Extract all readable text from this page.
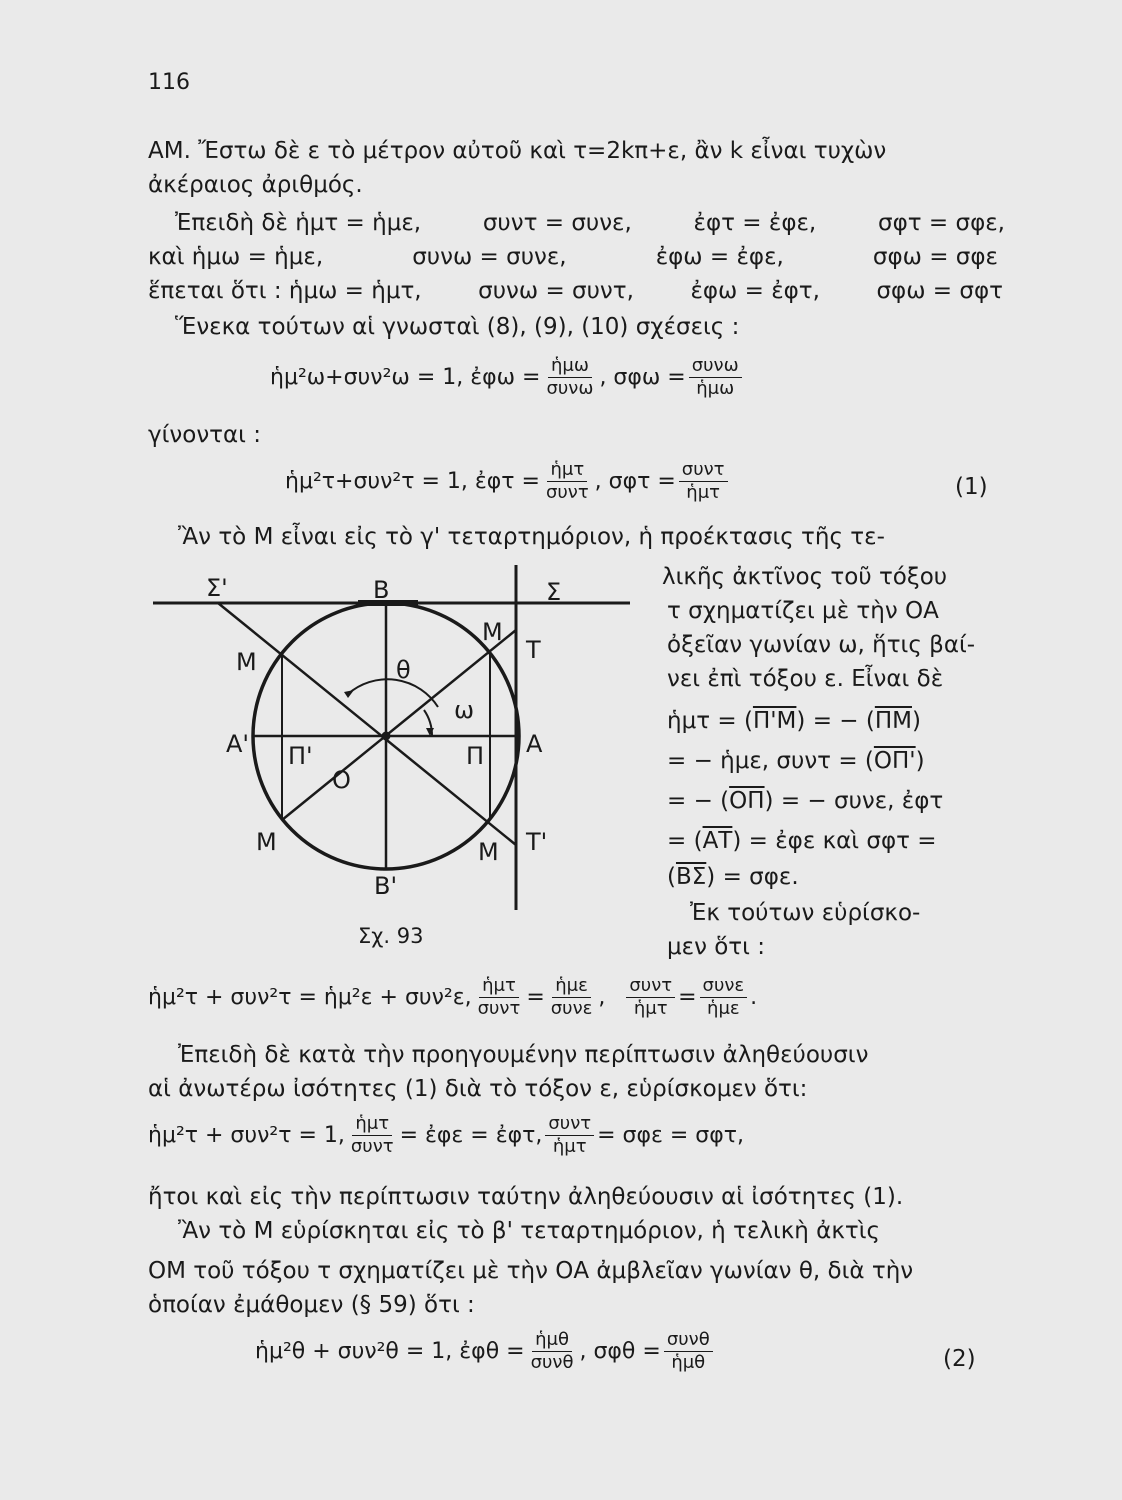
116
ΑΜ. Ἔστω δὲ ε τὸ μέτρον αὐτοῦ καὶ τ=2kπ+ε, ἂν k εἶναι τυχὼν
ἀκέραιος ἀριθμός.
Ἐπειδὴ δὲ ἡμτ = ἡμε,	συντ = συνε,	ἐφτ = ἐφε,	σφτ = σφε,
καὶ ἡμω = ἡμε,	συνω = συνε,	ἐφω = ἐφε,	σφω = σφε
ἕπεται ὅτι : ἡμω = ἡμτ, συνω = συντ, ἐφω = ἐφτ, σφω = σφτ
Ἕνεκα τούτων αἱ γνωσταὶ (8), (9), (10) σχέσεις :
ἡμ²ω+συν²ω = 1, ἐφω = $\frac{\text{ἡμω}}{\text{συνω}}$ , $\sigma\varphi\omega = \frac{\text{συνω}}{\text{ἡμω}}$
γίνονται :
ἡμ²τ+συν²τ = 1, ἐφτ = $\frac{\text{ἡμτ}}{\text{συντ}}$ , $\sigma\varphi\tau = \frac{\text{συντ}}{\text{ἡμτ}}$	(1)
Ἂν τὸ Μ εἶναι εἰς τὸ γ' τεταρτημόριον, ἡ προέκτασις τῆς τε-
λικῆς ἀκτῖνος τοῦ τόξου
τ σχηματίζει μὲ τὴν ΟΑ
ὀξεῖαν γωνίαν ω, ἥτις βαί-
νει ἐπὶ τόξου ε. Εἶναι δὲ
ἡμτ = (Π'Μ) = − $(\overline{\Pi M})$
= − ἡμε, συντ = (ΟΠ')
= − $(\overline{O\Pi})$ = − συνε, ἐφτ
= $(\overline{AT})$ = ἐφε καὶ σφτ =
$(\overline{B\Sigma}) = \sigma\varphi\varepsilon$.
Ἐκ τούτων εὑρίσκο-
μεν ὅτι :
Σ'	Β	Σ
Μ
Τ
Μ	θ
ω
Α' Π'	Π Α
Ο
Μ	Μ Τ'
Β'
Σχ. 93
ἡμ²τ + συν²τ = ἡμ²ε + συν²ε, $\frac{\text{ἡμτ}}{\text{συντ}} = \frac{\text{ἡμε}}{\text{συνε}}$ , $\frac{\text{συντ}}{\text{ἡμτ}} = \frac{\text{συνε}}{\text{ἡμε}}$ .
Ἐπειδὴ δὲ κατὰ τὴν προηγουμένην περίπτωσιν ἀληθεύουσιν
αἱ ἀνωτέρω ἰσότητες (1) διὰ τὸ τόξον ε, εὑρίσκομεν ὅτι:
ἡμ²τ + συν²τ = 1, $\frac{\text{ἡμτ}}{\text{συντ}}$ = ἐφε = ἐφτ, $\frac{\text{συντ}}{\text{ἡμτ}} = \sigma\varphi\varepsilon = \sigma\varphi\tau$,
ἤτοι καὶ εἰς τὴν περίπτωσιν ταύτην ἀληθεύουσιν αἱ ἰσότητες (1).
Ἂν τὸ Μ εὑρίσκηται εἰς τὸ β' τεταρτημόριον, ἡ τελικὴ ἀκτὶς
ΟΜ τοῦ τόξου τ σχηματίζει μὲ τὴν ΟΑ ἀμβλεῖαν γωνίαν θ, διὰ τὴν
ὁποίαν ἐμάθομεν (§ 59) ὅτι :
ἡμ²θ + συν²θ = 1, ἐφθ = $\frac{\text{ἡμθ}}{\text{συνθ}}$ , $\sigma\varphi\theta = \frac{\text{συνθ}}{\text{ἡμθ}}$	(2)
